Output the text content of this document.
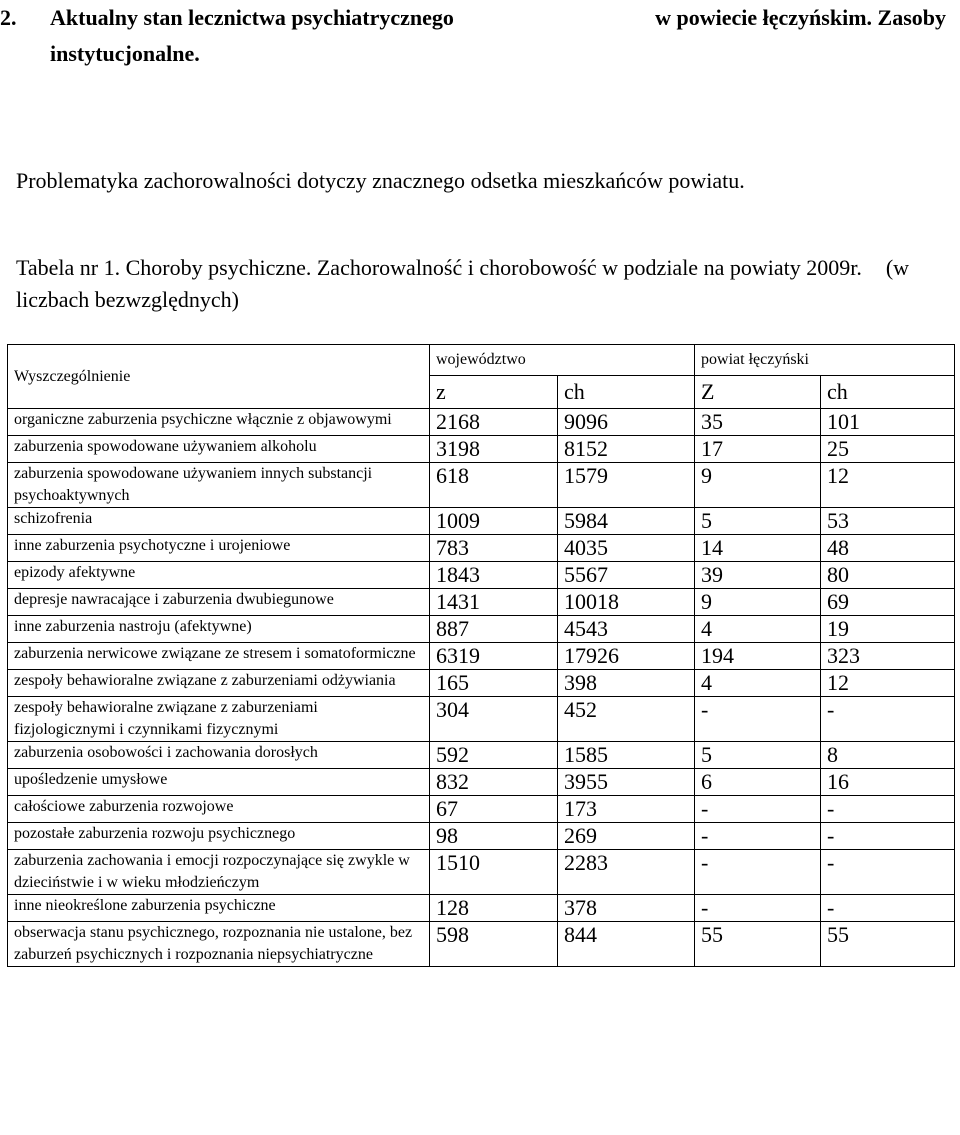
2.	Aktualny stan lecznictwa psychiatrycznego	w powiecie łęczyńskim. Zasoby
instytucjonalne.
Problematyka zachorowalności dotyczy znacznego odsetka mieszkańców powiatu.
Tabela nr 1. Choroby psychiczne. Zachorowalność i chorobowość w podziale na powiaty 2009r. (w liczbach bezwzględnych)
Wyszczególnienie	województwo		powiat łęczyński	
	z	ch	Z	ch
organiczne zaburzenia psychiczne włącznie z objawowymi	2168	9096	35	101
zaburzenia spowodowane używaniem alkoholu	3198	8152	17	25
zaburzenia spowodowane używaniem innych substancji psychoaktywnych	618	1579	9	12
schizofrenia	1009	5984	5	53
inne zaburzenia psychotyczne i urojeniowe	783	4035	14	48
epizody afektywne	1843	5567	39	80
depresje nawracające i zaburzenia dwubiegunowe	1431	10018	9	69
inne zaburzenia nastroju (afektywne)	887	4543	4	19
zaburzenia nerwicowe związane ze stresem i somatoformiczne	6319	17926	194	323
zespoły behawioralne związane z zaburzeniami odżywiania	165	398	4	12
zespoły behawioralne związane z zaburzeniami fizjologicznymi i czynnikami fizycznymi	304	452	-	-
zaburzenia osobowości i zachowania dorosłych	592	1585	5	8
upośledzenie umysłowe	832	3955	6	16
całościowe zaburzenia rozwojowe	67	173	-	-
pozostałe zaburzenia rozwoju psychicznego	98	269	-	-
zaburzenia zachowania i emocji rozpoczynające się zwykle w dzieciństwie i w wieku młodzieńczym	1510	2283	-	-
inne nieokreślone zaburzenia psychiczne	128	378	-	-
obserwacja stanu psychicznego, rozpoznania nie ustalone, bez zaburzeń psychicznych i rozpoznania niepsychiatryczne	598	844	55	55
